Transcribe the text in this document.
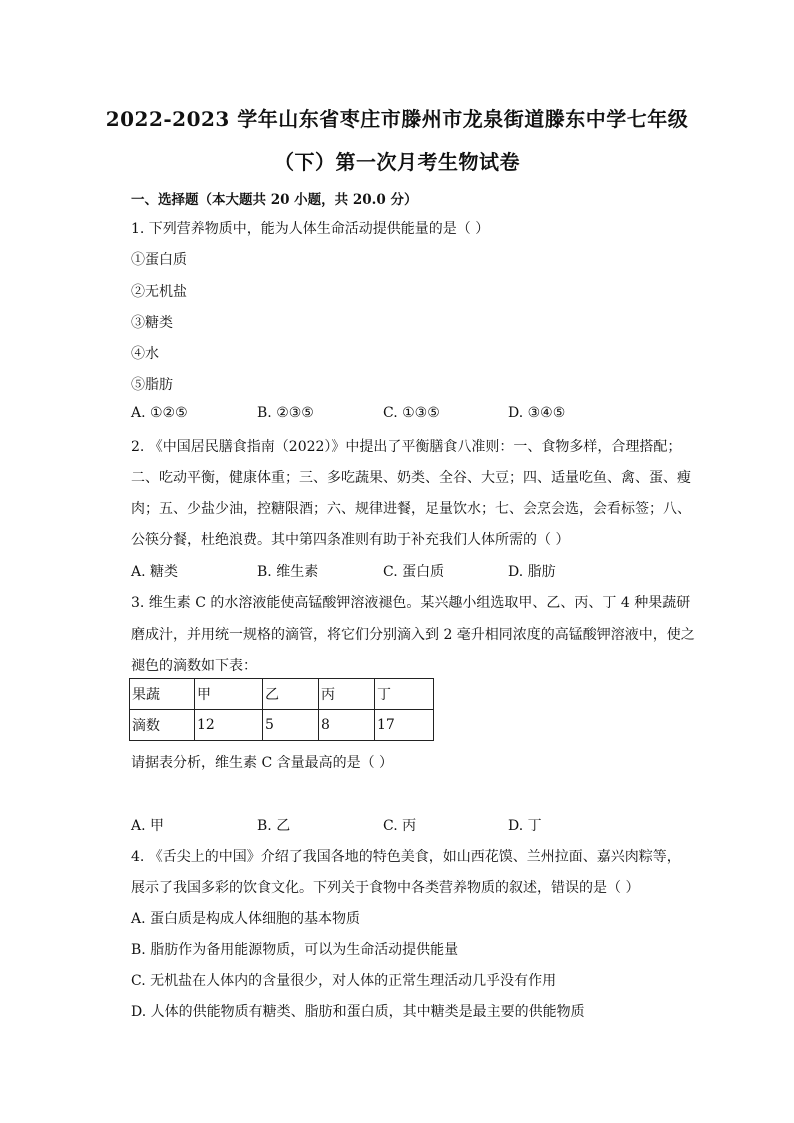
2022-2023 学年山东省枣庄市滕州市龙泉街道滕东中学七年级
（下）第一次月考生物试卷
一、选择题（本大题共 20 小题，共 20.0 分）
1. 下列营养物质中，能为人体生命活动提供能量的是（ ）
①蛋白质
②无机盐
③糖类
④水
⑤脂肪
A. ①②⑤	B. ②③⑤	C. ①③⑤	D. ③④⑤
2. 《中国居民膳食指南（2022）》中提出了平衡膳食八准则：一、食物多样，合理搭配；
二、吃动平衡，健康体重；三、多吃蔬果、奶类、全谷、大豆；四、适量吃鱼、禽、蛋、瘦
肉；五、少盐少油，控糖限酒；六、规律进餐，足量饮水；七、会烹会选，会看标签；八、
公筷分餐，杜绝浪费。其中第四条准则有助于补充我们人体所需的（ ）
A. 糖类	B. 维生素	C. 蛋白质	D. 脂肪
3. 维生素 C 的水溶液能使高锰酸钾溶液褪色。某兴趣小组选取甲、乙、丙、丁 4 种果蔬研
磨成汁，并用统一规格的滴管，将它们分别滴入到 2 毫升相同浓度的高锰酸钾溶液中，使之
褪色的滴数如下表：
果蔬	甲	乙	丙	丁
滴数	12	5	8	17
请据表分析，维生素 C 含量最高的是（ ）
A. 甲	B. 乙	C. 丙	D. 丁
4. 《舌尖上的中国》介绍了我国各地的特色美食，如山西花馍、兰州拉面、嘉兴肉粽等，
展示了我国多彩的饮食文化。下列关于食物中各类营养物质的叙述，错误的是（ ）
A. 蛋白质是构成人体细胞的基本物质
B. 脂肪作为备用能源物质，可以为生命活动提供能量
C. 无机盐在人体内的含量很少，对人体的正常生理活动几乎没有作用
D. 人体的供能物质有糖类、脂肪和蛋白质，其中糖类是最主要的供能物质
